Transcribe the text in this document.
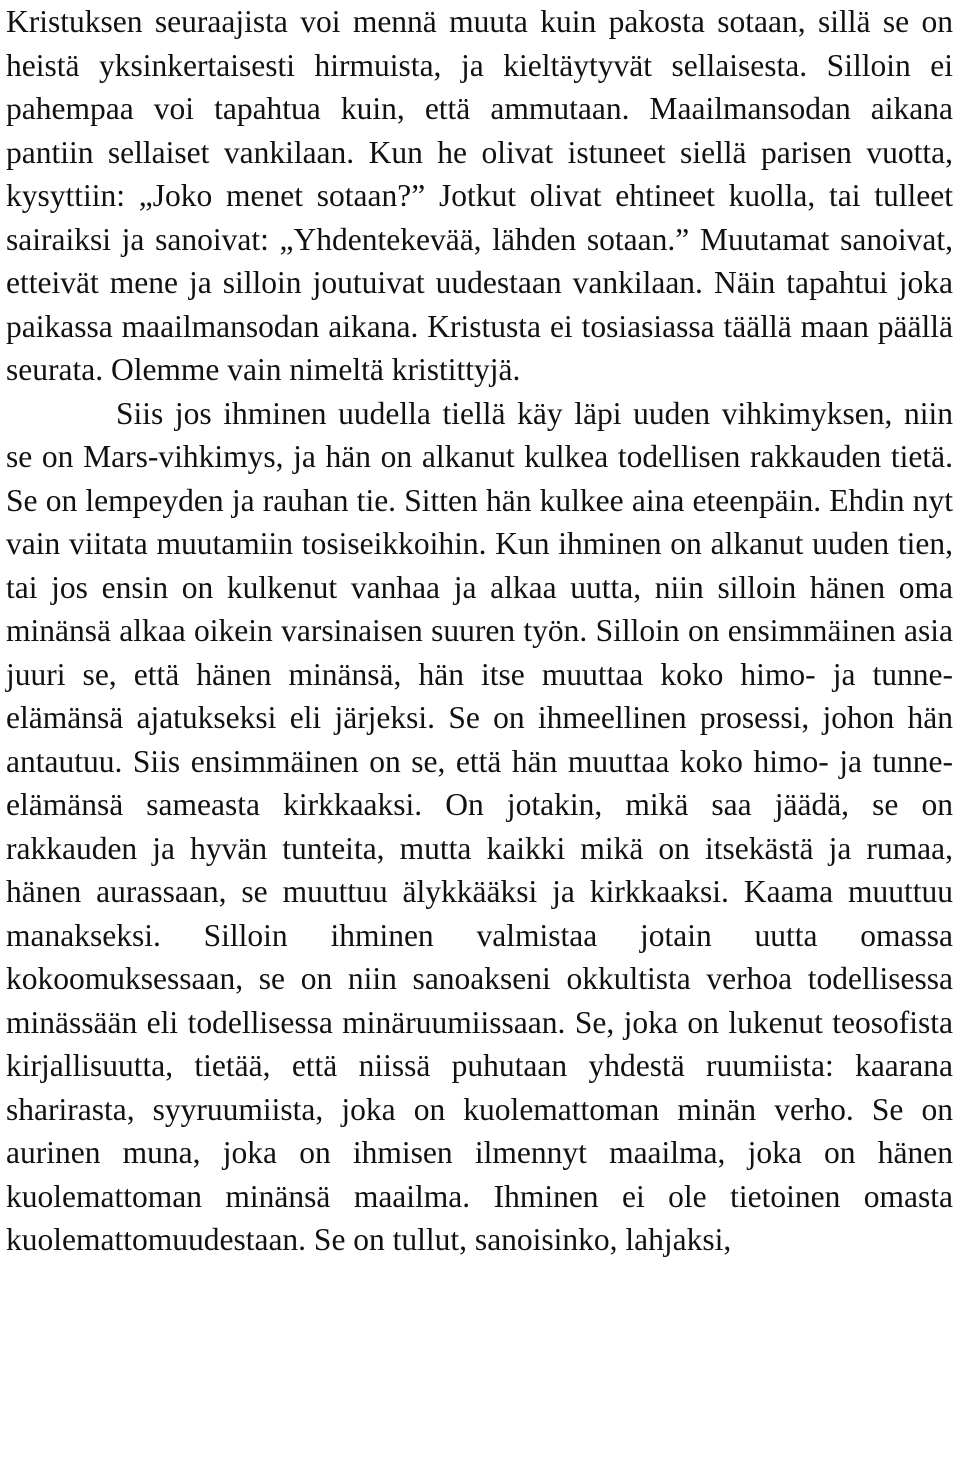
Kristuksen seuraajista voi mennä muuta kuin pakosta sotaan, sillä se on heistä yksinkertaisesti hirmuista, ja kieltäytyvät sellaisesta. Silloin ei pahempaa voi tapahtua kuin, että ammutaan. Maailmansodan aikana pantiin sellaiset vankilaan. Kun he olivat istuneet siellä parisen vuotta, kysyttiin: „Joko menet sotaan?” Jotkut olivat ehtineet kuolla, tai tulleet sairaiksi ja sanoivat: „Yhdentekevää, lähden sotaan.” Muutamat sanoivat, etteivät mene ja silloin joutuivat uudestaan vankilaan. Näin tapahtui joka paikassa maailmansodan aikana. Kristusta ei tosiasiassa täällä maan päällä seurata. Olemme vain nimeltä kristittyjä.

Siis jos ihminen uudella tiellä käy läpi uuden vihkimyksen, niin se on Mars-vihkimys, ja hän on alkanut kulkea todellisen rakkauden tietä. Se on lempeyden ja rauhan tie. Sitten hän kulkee aina eteenpäin. Ehdin nyt vain viitata muutamiin tosiseikkoihin. Kun ihminen on alkanut uuden tien, tai jos ensin on kulkenut vanhaa ja alkaa uutta, niin silloin hänen oma minänsä alkaa oikein varsinaisen suuren työn. Silloin on ensimmäinen asia juuri se, että hänen minänsä, hän itse muuttaa koko himo- ja tunne-elämänsä ajatukseksi eli järjeksi. Se on ihmeellinen prosessi, johon hän antautuu. Siis ensimmäinen on se, että hän muuttaa koko himo- ja tunne-elämänsä sameasta kirkkaaksi. On jotakin, mikä saa jäädä, se on rakkauden ja hyvän tunteita, mutta kaikki mikä on itsekästä ja rumaa, hänen aurassaan, se muuttuu älykkääksi ja kirkkaaksi. Kaama muuttuu manakseksi. Silloin ihminen valmistaa jotain uutta omassa kokoomuksessaan, se on niin sanoakseni okkultista verhoa todellisessa minässään eli todellisessa minäruumiissaan. Se, joka on lukenut teosofista kirjallisuutta, tietää, että niissä puhutaan yhdestä ruumiista: kaarana sharirasta, syyruumiista, joka on kuolemattoman minän verho. Se on aurinen muna, joka on ihmisen ilmennyt maailma, joka on hänen kuolemattoman minänsä maailma. Ihminen ei ole tietoinen omasta kuolemattomuudestaan. Se on tullut, sanoisinko, lahjaksi,
